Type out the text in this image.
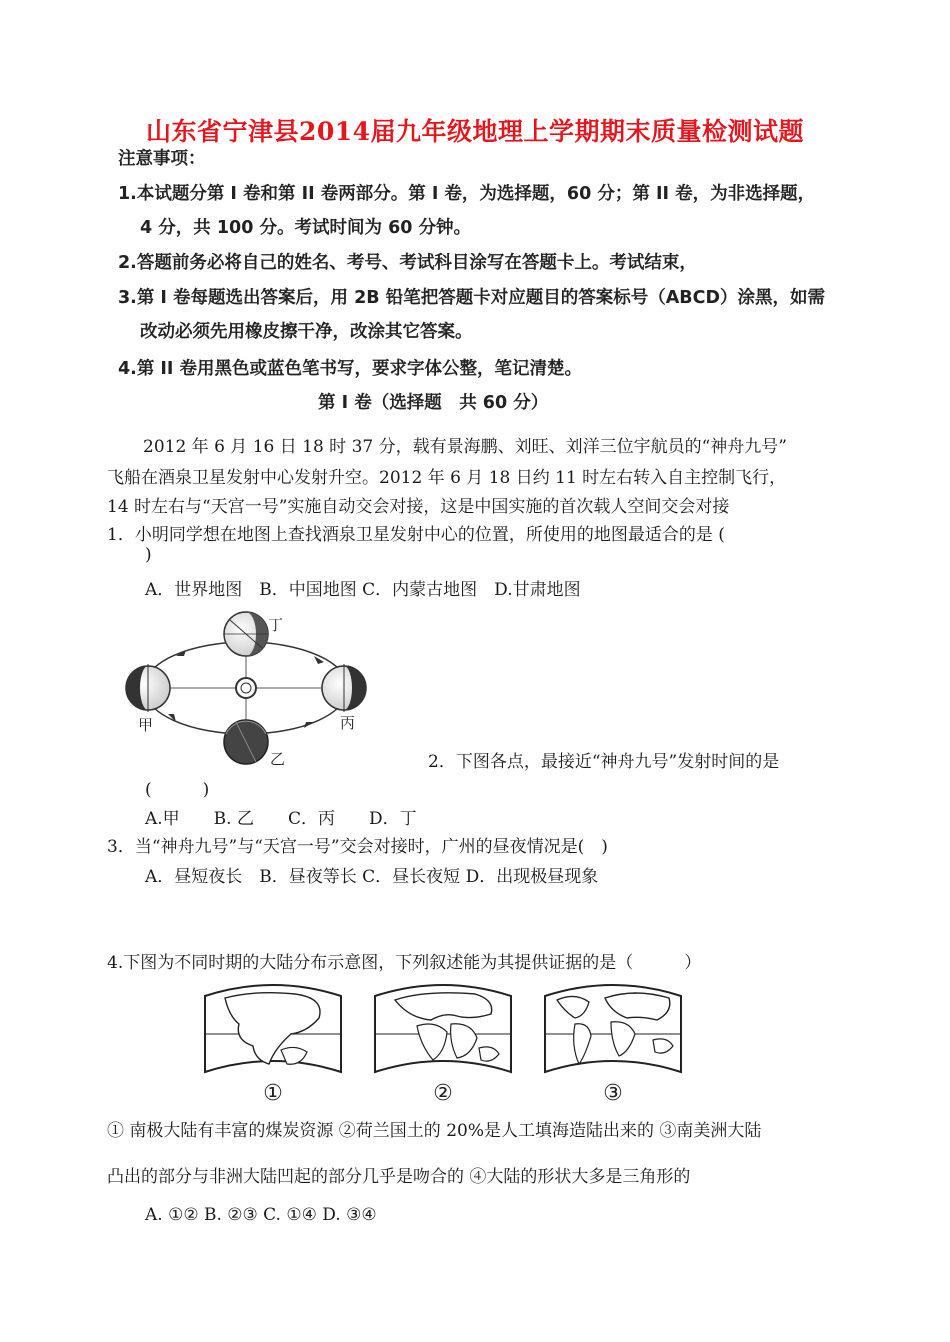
山东省宁津县2014届九年级地理上学期期末质量检测试题
注意事项：
1.本试题分第 I 卷和第 II 卷两部分。第 I 卷，为选择题，60 分；第 II 卷，为非选择题，
4 分，共 100 分。考试时间为 60 分钟。
2.答题前务必将自己的姓名、考号、考试科目涂写在答题卡上。考试结束，
3.第 I 卷每题选出答案后，用 2B 铅笔把答题卡对应题目的答案标号（ABCD）涂黑，如需
改动必须先用橡皮擦干净，改涂其它答案。
4.第 II 卷用黑色或蓝色笔书写，要求字体公整，笔记清楚。
第 I 卷（选择题　共 60 分）
2012 年 6 月 16 日 18 时 37 分，载有景海鹏、刘旺、刘洋三位宇航员的“神舟九号”
飞船在酒泉卫星发射中心发射升空。2012 年 6 月 18 日约 11 时左右转入自主控制飞行，
14 时左右与“天宫一号”实施自动交会对接，这是中国实施的首次载人空间交会对接
1．小明同学想在地图上查找酒泉卫星发射中心的位置，所使用的地图最适合的是 (
)
A．世界地图　B．中国地图 C．内蒙古地图　D.甘肃地图
丁
甲
乙
丙
2．下图各点，最接近“神舟九号”发射时间的是
(　　　)
A.甲　　B. 乙　　C．丙　　D．丁
3．当“神舟九号”与“天宫一号”交会对接时，广州的昼夜情况是(　)
A．昼短夜长　B．昼夜等长 C．昼长夜短 D．出现极昼现象
4.下图为不同时期的大陆分布示意图，下列叙述能为其提供证据的是（　　　）
①	②	③
① 南极大陆有丰富的煤炭资源 ②荷兰国土的 20%是人工填海造陆出来的 ③南美洲大陆
凸出的部分与非洲大陆凹起的部分几乎是吻合的 ④大陆的形状大多是三角形的
A. ①② B. ②③ C. ①④ D. ③④
